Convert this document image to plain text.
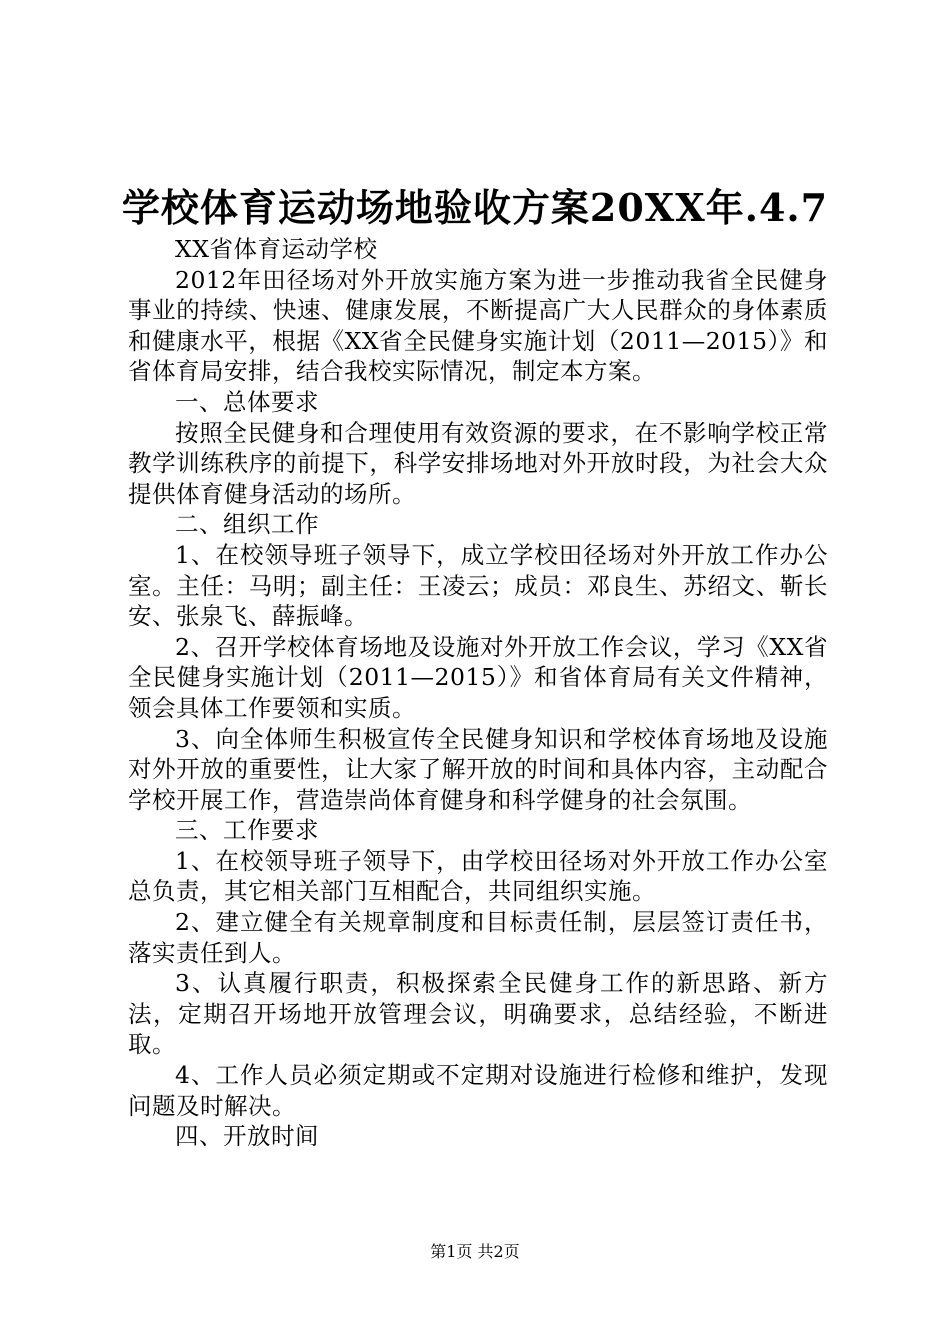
学校体育运动场地验收方案20XX年.4.7

XX省体育运动学校

2012年田径场对外开放实施方案为进一步推动我省全民健身事业的持续、快速、健康发展，不断提高广大人民群众的身体素质和健康水平，根据《XX省全民健身实施计划（2011—2015）》和省体育局安排，结合我校实际情况，制定本方案。

一、总体要求

按照全民健身和合理使用有效资源的要求，在不影响学校正常教学训练秩序的前提下，科学安排场地对外开放时段，为社会大众提供体育健身活动的场所。

二、组织工作

1、在校领导班子领导下，成立学校田径场对外开放工作办公室。主任：马明；副主任：王凌云；成员：邓良生、苏绍文、靳长安、张泉飞、薛振峰。

2、召开学校体育场地及设施对外开放工作会议，学习《XX省全民健身实施计划（2011—2015）》和省体育局有关文件精神，领会具体工作要领和实质。

3、向全体师生积极宣传全民健身知识和学校体育场地及设施对外开放的重要性，让大家了解开放的时间和具体内容，主动配合学校开展工作，营造崇尚体育健身和科学健身的社会氛围。

三、工作要求

1、在校领导班子领导下，由学校田径场对外开放工作办公室总负责，其它相关部门互相配合，共同组织实施。

2、建立健全有关规章制度和目标责任制，层层签订责任书，落实责任到人。

3、认真履行职责，积极探索全民健身工作的新思路、新方法，定期召开场地开放管理会议，明确要求，总结经验，不断进取。

4、工作人员必须定期或不定期对设施进行检修和维护，发现问题及时解决。

四、开放时间

第1页 共2页
